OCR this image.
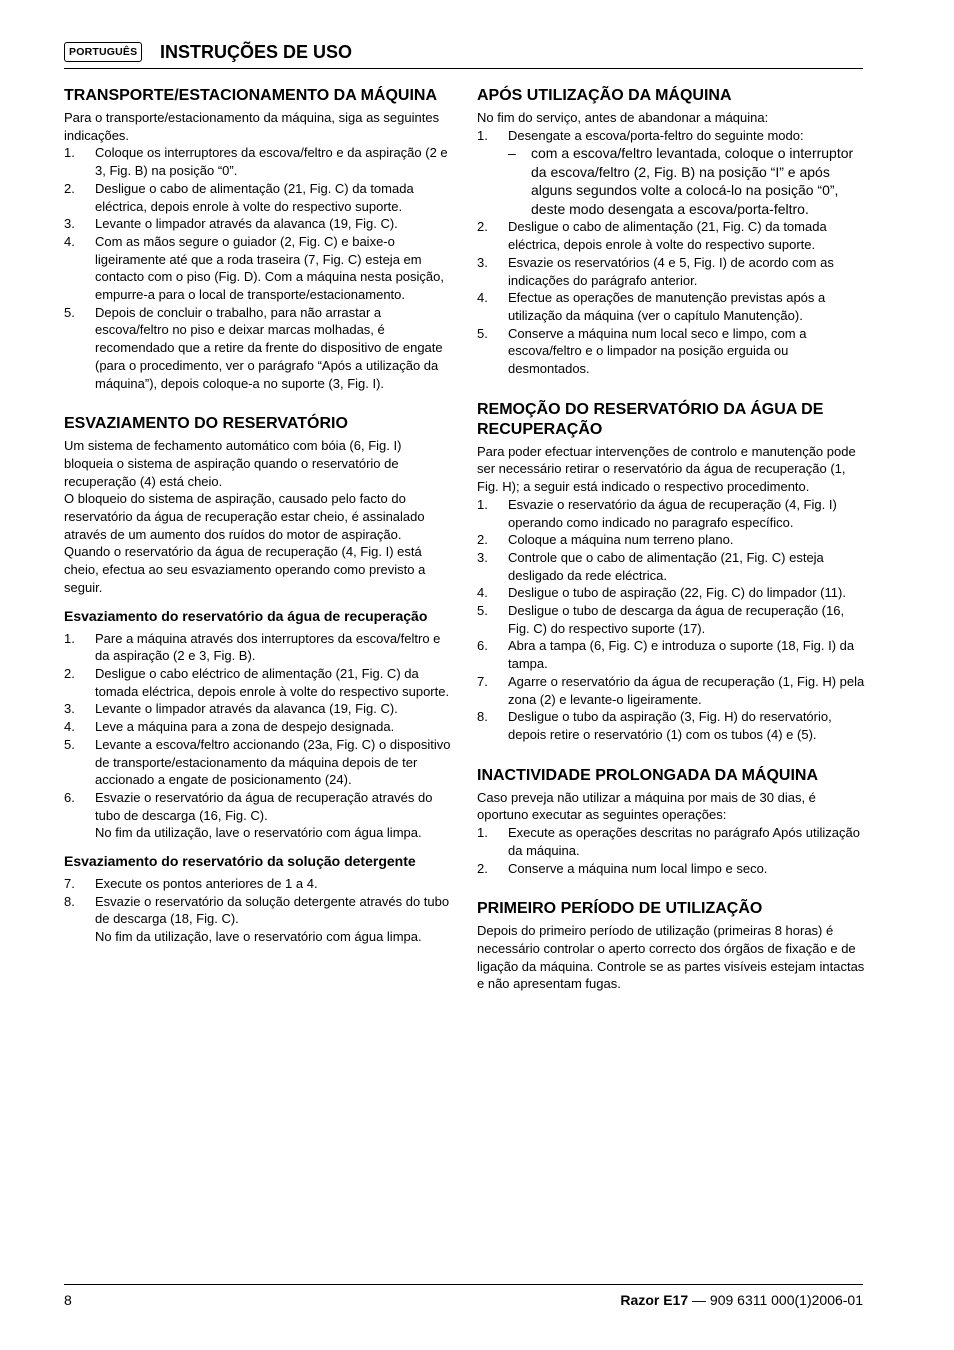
PORTUGUÊS INSTRUÇÕES DE USO
TRANSPORTE/ESTACIONAMENTO DA MÁQUINA
Para o transporte/estacionamento da máquina, siga as seguintes indicações.
1. Coloque os interruptores da escova/feltro e da aspiração (2 e 3, Fig. B) na posição “0”.
2. Desligue o cabo de alimentação (21, Fig. C) da tomada eléctrica, depois enrole à volte do respectivo suporte.
3. Levante o limpador através da alavanca (19, Fig. C).
4. Com as mãos segure o guiador (2, Fig. C) e baixe-o ligeiramente até que a roda traseira (7, Fig. C) esteja em contacto com o piso (Fig. D). Com a máquina nesta posição, empurre-a para o local de transporte/estacionamento.
5. Depois de concluir o trabalho, para não arrastar a escova/feltro no piso e deixar marcas molhadas, é recomendado que a retire da frente do dispositivo de engate (para o procedimento, ver o parágrafo “Após a utilização da máquina”), depois coloque-a no suporte (3, Fig. I).
ESVAZIAMENTO DO RESERVATÓRIO
Um sistema de fechamento automático com bóia (6, Fig. I) bloqueia o sistema de aspiração quando o reservatório de recuperação (4) está cheio.
O bloqueio do sistema de aspiração, causado pelo facto do reservatório da água de recuperação estar cheio, é assinalado através de um aumento dos ruídos do motor de aspiração.
Quando o reservatório da água de recuperação (4, Fig. I) está cheio, efectua ao seu esvaziamento operando como previsto a seguir.
Esvaziamento do reservatório da água de recuperação
1. Pare a máquina através dos interruptores da escova/feltro e da aspiração (2 e 3, Fig. B).
2. Desligue o cabo eléctrico de alimentação (21, Fig. C) da tomada eléctrica, depois enrole à volte do respectivo suporte.
3. Levante o limpador através da alavanca (19, Fig. C).
4. Leve a máquina para a zona de despejo designada.
5. Levante a escova/feltro accionando (23a, Fig. C) o dispositivo de transporte/estacionamento da máquina depois de ter accionado a engate de posicionamento (24).
6. Esvazie o reservatório da água de recuperação através do tubo de descarga (16, Fig. C).
No fim da utilização, lave o reservatório com água limpa.
Esvaziamento do reservatório da solução detergente
7. Execute os pontos anteriores de 1 a 4.
8. Esvazie o reservatório da solução detergente através do tubo de descarga (18, Fig. C).
No fim da utilização, lave o reservatório com água limpa.
APÓS UTILIZAÇÃO DA MÁQUINA
No fim do serviço, antes de abandonar a máquina:
1. Desengate a escova/porta-feltro do seguinte modo:
– com a escova/feltro levantada, coloque o interruptor da escova/feltro (2, Fig. B) na posição “I” e após alguns segundos volte a colocá-lo na posição “0”, deste modo desengata a escova/porta-feltro.
2. Desligue o cabo de alimentação (21, Fig. C) da tomada eléctrica, depois enrole à volte do respectivo suporte.
3. Esvazie os reservatórios (4 e 5, Fig. I) de acordo com as indicações do parágrafo anterior.
4. Efectue as operações de manutenção previstas após a utilização da máquina (ver o capítulo Manutenção).
5. Conserve a máquina num local seco e limpo, com a escova/feltro e o limpador na posição erguida ou desmontados.
REMOÇÃO DO RESERVATÓRIO DA ÁGUA DE RECUPERAÇÃO
Para poder efectuar intervenções de controlo e manutenção pode ser necessário retirar o reservatório da água de recuperação (1, Fig. H); a seguir está indicado o respectivo procedimento.
1. Esvazie o reservatório da água de recuperação (4, Fig. I) operando como indicado no paragrafo específico.
2. Coloque a máquina num terreno plano.
3. Controle que o cabo de alimentação (21, Fig. C) esteja desligado da rede eléctrica.
4. Desligue o tubo de aspiração (22, Fig. C) do limpador (11).
5. Desligue o tubo de descarga da água de recuperação (16, Fig. C) do respectivo suporte (17).
6. Abra a tampa (6, Fig. C) e introduza o suporte (18, Fig. I) da tampa.
7. Agarre o reservatório da água de recuperação (1, Fig. H) pela zona (2) e levante-o ligeiramente.
8. Desligue o tubo da aspiração (3, Fig. H) do reservatório, depois retire o reservatório (1) com os tubos (4) e (5).
INACTIVIDADE PROLONGADA DA MÁQUINA
Caso preveja não utilizar a máquina por mais de 30 dias, é oportuno executar as seguintes operações:
1. Execute as operações descritas no parágrafo Após utilização da máquina.
2. Conserve a máquina num local limpo e seco.
PRIMEIRO PERÍODO DE UTILIZAÇÃO
Depois do primeiro período de utilização (primeiras 8 horas) é necessário controlar o aperto correcto dos órgãos de fixação e de ligação da máquina. Controle se as partes visíveis estejam intactas e não apresentam fugas.
8	Razor E17 — 909 6311 000(1)2006-01
